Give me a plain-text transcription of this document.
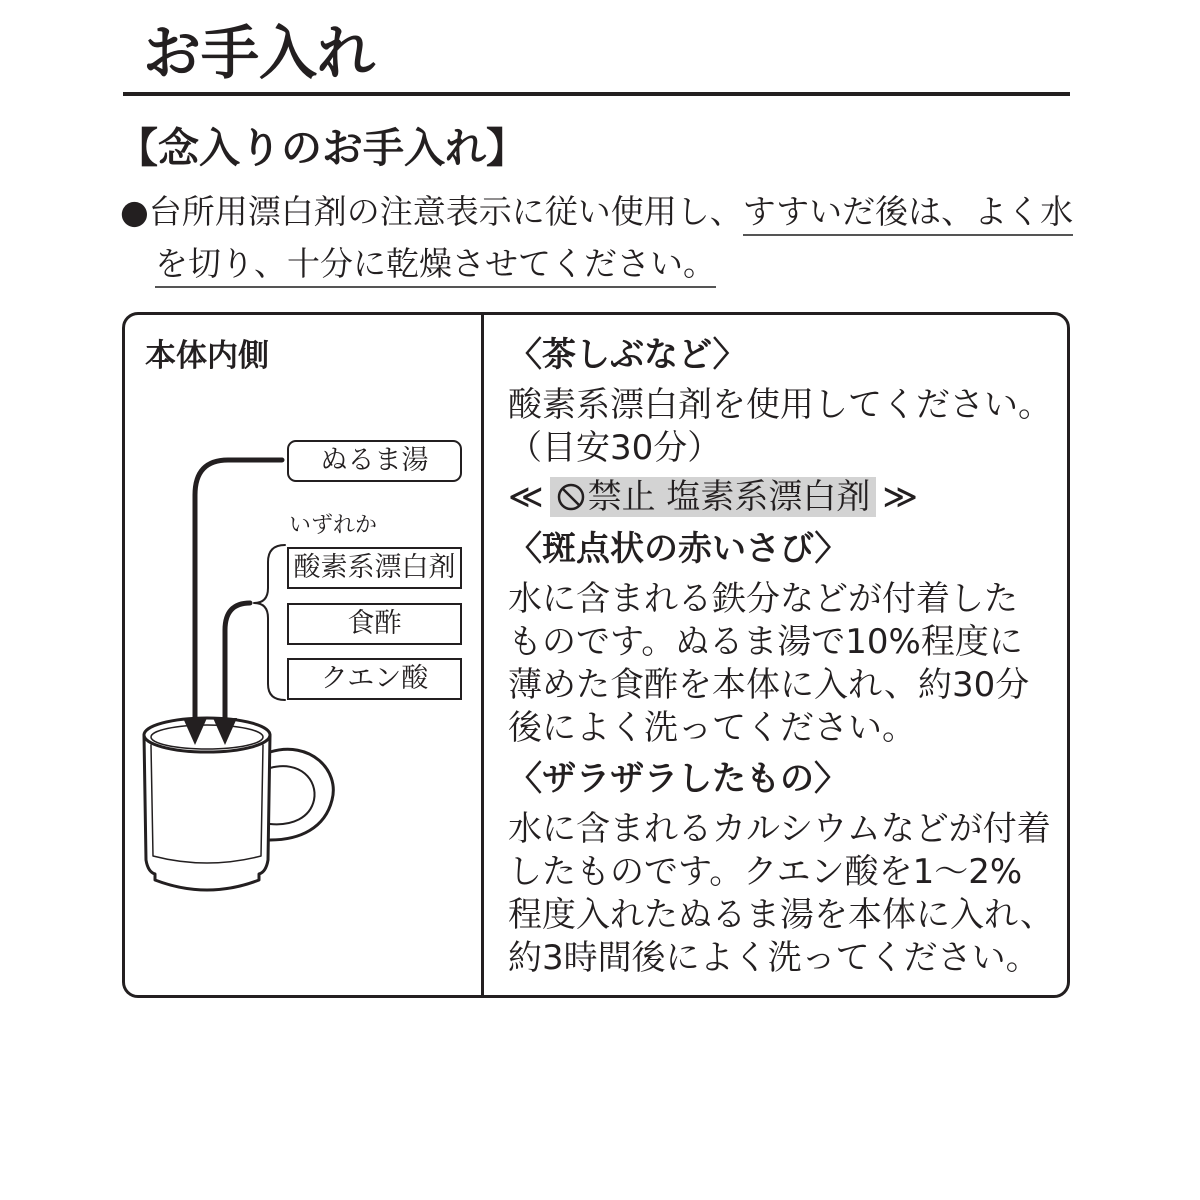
お手入れ
【念入りのお手入れ】
●台所用漂白剤の注意表示に従い使用し、すすいだ後は、よく水
を切り、十分に乾燥させてください。
本体内側
ぬるま湯
いずれか
酸素系漂白剤
食酢
クエン酸
〈茶しぶなど〉
酸素系漂白剤を使用してください。
（目安30分）
≪ 禁止 塩素系漂白剤 ≫
〈斑点状の赤いさび〉
水に含まれる鉄分などが付着した
ものです。ぬるま湯で10%程度に
薄めた食酢を本体に入れ、約30分
後によく洗ってください。
〈ザラザラしたもの〉
水に含まれるカルシウムなどが付着
したものです。クエン酸を1～2%
程度入れたぬるま湯を本体に入れ、
約3時間後によく洗ってください。
